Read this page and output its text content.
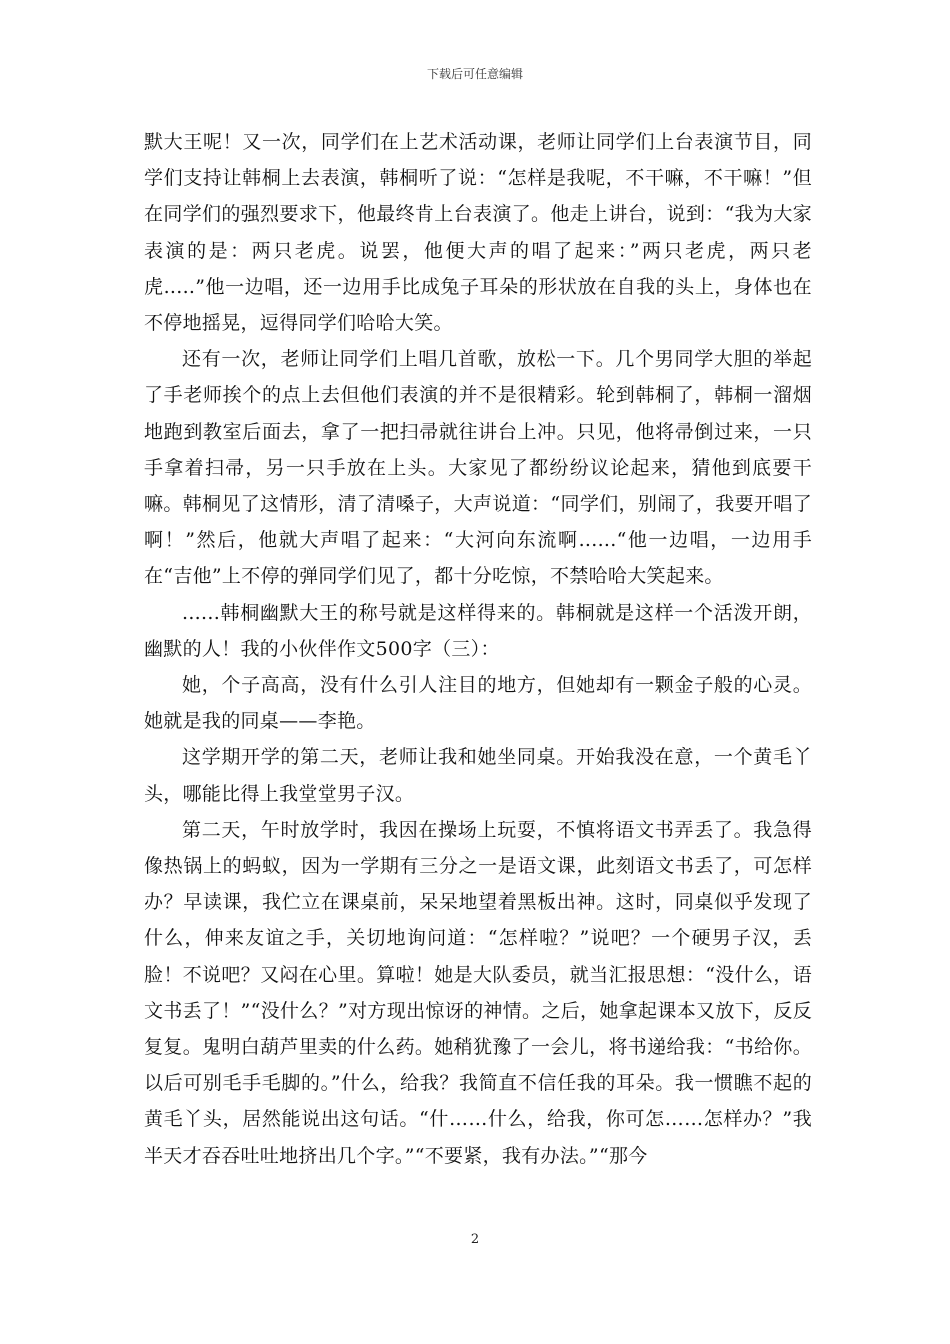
下载后可任意编辑

默大王呢！又一次，同学们在上艺术活动课，老师让同学们上台表演节目，同学们支持让韩桐上去表演，韩桐听了说：“怎样是我呢，不干嘛，不干嘛！”但在同学们的强烈要求下，他最终肯上台表演了。他走上讲台，说到：“我为大家表演的是：两只老虎。说罢，他便大声的唱了起来：”两只老虎，两只老虎.....”他一边唱，还一边用手比成兔子耳朵的形状放在自我的头上，身体也在不停地摇晃，逗得同学们哈哈大笑。

还有一次，老师让同学们上唱几首歌，放松一下。几个男同学大胆的举起了手老师挨个的点上去但他们表演的并不是很精彩。轮到韩桐了，韩桐一溜烟地跑到教室后面去，拿了一把扫帚就往讲台上冲。只见，他将帚倒过来，一只手拿着扫帚，另一只手放在上头。大家见了都纷纷议论起来，猜他到底要干嘛。韩桐见了这情形，清了清嗓子，大声说道：“同学们，别闹了，我要开唱了啊！”然后，他就大声唱了起来：“大河向东流啊......“他一边唱，一边用手在“吉他”上不停的弹同学们见了，都十分吃惊，不禁哈哈大笑起来。

......韩桐幽默大王的称号就是这样得来的。韩桐就是这样一个活泼开朗，幽默的人！我的小伙伴作文500字（三）：

她，个子高高，没有什么引人注目的地方，但她却有一颗金子般的心灵。她就是我的同桌——李艳。

这学期开学的第二天，老师让我和她坐同桌。开始我没在意，一个黄毛丫头，哪能比得上我堂堂男子汉。

第二天，午时放学时，我因在操场上玩耍，不慎将语文书弄丢了。我急得像热锅上的蚂蚁，因为一学期有三分之一是语文课，此刻语文书丢了，可怎样办？早读课，我伫立在课桌前，呆呆地望着黑板出神。这时，同桌似乎发现了什么，伸来友谊之手，关切地询问道：“怎样啦？”说吧？一个硬男子汉，丢脸！不说吧？又闷在心里。算啦！她是大队委员，就当汇报思想：“没什么，语文书丢了！”“没什么？”对方现出惊讶的神情。之后，她拿起课本又放下，反反复复。鬼明白葫芦里卖的什么药。她稍犹豫了一会儿，将书递给我：“书给你。以后可别毛手毛脚的。”什么，给我？我简直不信任我的耳朵。我一惯瞧不起的黄毛丫头，居然能说出这句话。“什……什么，给我，你可怎……怎样办？”我半天才吞吞吐吐地挤出几个字。”“不要紧，我有办法。”“那今

2
